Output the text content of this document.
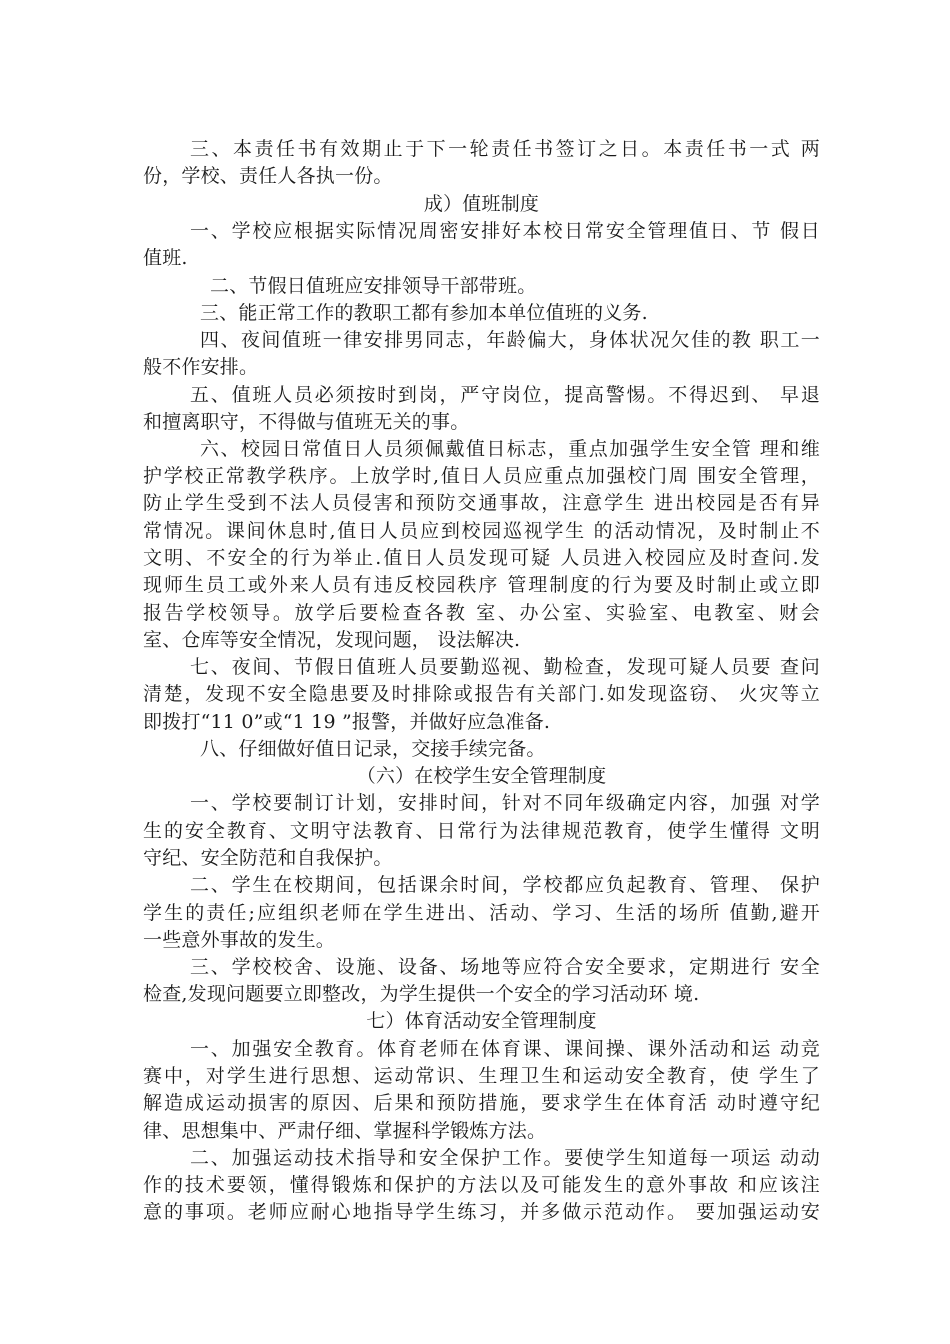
三、本责任书有效期止于下一轮责任书签订之日。本责任书一式 两
份，学校、责任人各执一份。
成）值班制度
一、学校应根据实际情况周密安排好本校日常安全管理值日、节 假日
值班.
二、节假日值班应安排领导干部带班。
三、能正常工作的教职工都有参加本单位值班的义务.
四、夜间值班一律安排男同志，年龄偏大，身体状况欠佳的教 职工一
般不作安排。
五、值班人员必须按时到岗，严守岗位，提高警惕。不得迟到、 早退
和擅离职守，不得做与值班无关的事。
六、校园日常值日人员须佩戴值日标志，重点加强学生安全管 理和维
护学校正常教学秩序。上放学时,值日人员应重点加强校门周 围安全管理，
防止学生受到不法人员侵害和预防交通事故，注意学生 进出校园是否有异
常情况。课间休息时,值日人员应到校园巡视学生 的活动情况，及时制止不
文明、不安全的行为举止.值日人员发现可疑 人员进入校园应及时查问.发
现师生员工或外来人员有违反校园秩序 管理制度的行为要及时制止或立即
报告学校领导。放学后要检查各教 室、办公室、实验室、电教室、财会
室、仓库等安全情况，发现问题， 设法解决.
七、夜间、节假日值班人员要勤巡视、勤检查，发现可疑人员要 查问
清楚，发现不安全隐患要及时排除或报告有关部门.如发现盗窃、 火灾等立
即拨打“11 0”或“1 19 ”报警，并做好应急准备.
八、仔细做好值日记录，交接手续完备。
（六）在校学生安全管理制度
一、学校要制订计划，安排时间，针对不同年级确定内容，加强 对学
生的安全教育、文明守法教育、日常行为法律规范教育，使学生懂得 文明
守纪、安全防范和自我保护。
二、学生在校期间，包括课余时间，学校都应负起教育、管理、 保护
学生的责任;应组织老师在学生进出、活动、学习、生活的场所 值勤,避开
一些意外事故的发生。
三、学校校舍、设施、设备、场地等应符合安全要求，定期进行 安全
检查,发现问题要立即整改，为学生提供一个安全的学习活动环 境.
七）体育活动安全管理制度
一、加强安全教育。体育老师在体育课、课间操、课外活动和运 动竞
赛中，对学生进行思想、运动常识、生理卫生和运动安全教育，使 学生了
解造成运动损害的原因、后果和预防措施，要求学生在体育活 动时遵守纪
律、思想集中、严肃仔细、掌握科学锻炼方法。
二、加强运动技术指导和安全保护工作。要使学生知道每一项运 动动
作的技术要领，懂得锻炼和保护的方法以及可能发生的意外事故 和应该注
意的事项。老师应耐心地指导学生练习，并多做示范动作。 要加强运动安
